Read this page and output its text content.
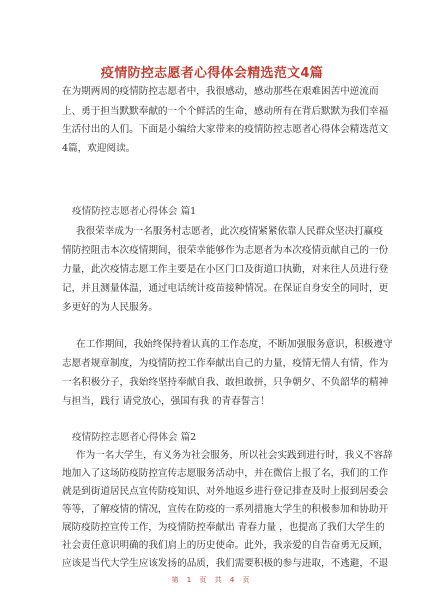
疫情防控志愿者心得体会精选范文4篇
在为期两周的疫情防控志愿者中，我很感动，感动那些在艰难困苦中逆流而
上、勇于担当默默奉献的一个个鲜活的生命，感动所有在背后默默为我们幸福
生活付出的人们。下面是小编给大家带来的疫情防控志愿者心得体会精选范文
4篇，欢迎阅读。
疫情防控志愿者心得体会 篇1
我很荣幸成为一名服务村志愿者，此次疫情紧紧依靠人民群众坚决打赢疫
情防控阻击本次疫情期间，很荣幸能够作为志愿者为本次疫情贡献自己的一份
力量，此次疫情志愿工作主要是在小区门口及街道口执勤，对来往人员进行登
记，并且测量体温，通过电话统计疫苗接种情况。在保证自身安全的同时，更
多更好的为人民服务。
在工作期间，我始终保持着认真的工作态度，不断加强服务意识，积极遵守
志愿者规章制度，为疫情防控工作奉献出自己的力量，疫情无情人有情，作为
一名积极分子，我始终坚持奉献自我、敢担敢拼，只争朝夕、不负韶华的精神
与担当，践行 请党放心，强国有我 的青春誓言！
疫情防控志愿者心得体会 篇2
作为一名大学生，有义务为社会服务，所以社会实践到进行时，我义不容辞
地加入了这场防疫防控宣传志愿服务活动中，并在微信上报了名，我们的工作
就是到街道居民点宣传防疫知识、对外地返乡进行登记排查及时上报到居委会
等等，了解疫情的情况，宣传在防疫的一系列措施大学生的积极参加和协助开
展防疫防控宣传工作，为疫情防控奉献出 青春力量 ，也提高了我们大学生的
社会责任意识明确的我们肩上的历史使命。此外，我亲爱的自告奋勇无反顾，
应该是当代大学生应该发扬的品质，我们需要积极的参与进取，不逃避，不退
第 1 页 共 4 页
